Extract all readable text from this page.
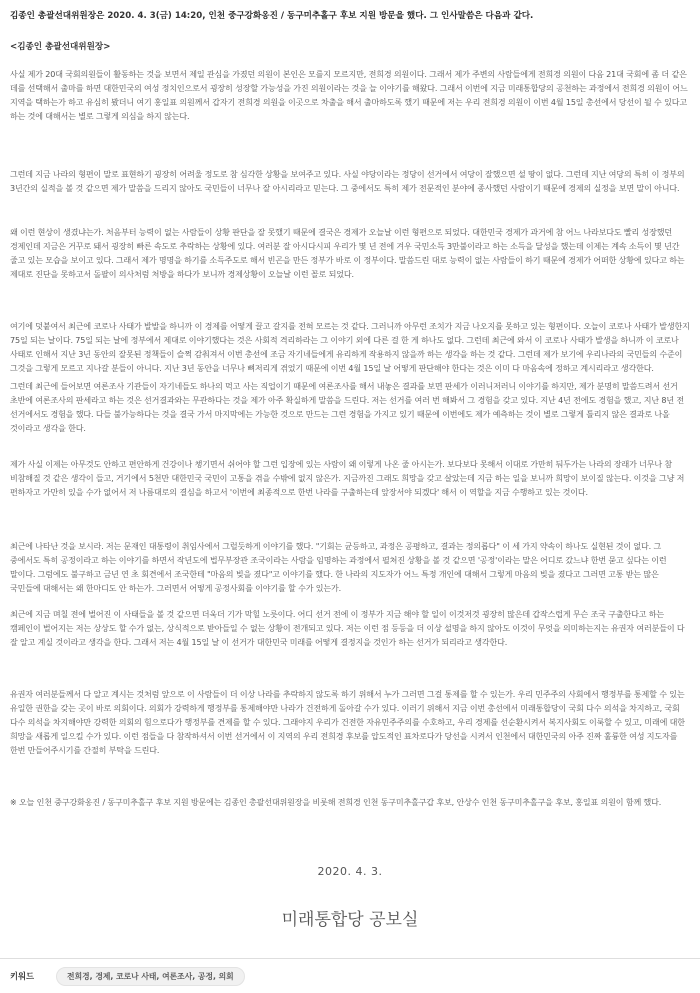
김종인 총괄선대위원장은 2020. 4. 3(금) 14:20, 인천 중구강화옹진 / 동구미추홀구 후보 지원 방문을 했다. 그 인사말씀은 다음과 같다.
<김종인 총괄선대위원장>

사실 제가 20대 국회의원들이 활동하는 것을 보면서 제일 관심을 가졌던 의원이 본인은 모를지 모르지만, 전희경 의원이다. 그래서 제가 주변의 사람들에게 전희경 의원이 다음 21대 국회에 좀 더 같은 데를 선택해서 출마를 하면 대한민국의 여성 정치인으로서 굉장히 성장할 가능성을 가진 의원이라는 것을 늘 이야기를 해왔다. 그래서 이번에 지금 미래통합당의 공천하는 과정에서 전희경 의원이 어느 지역을 택하는가 하고 유심히 봤더니 여기 홍일표 의원께서 갑자기 전희경 의원을 이곳으로 차출을 해서 출마하도록 했기 때문에 저는 우리 전희경 의원이 이번 4월 15일 총선에서 당선이 될 수 있다고 하는 것에 대해서는 별로 그렇게 의심을 하지 않는다.

그런데 지금 나라의 형편이 말로 표현하기 굉장히 어려울 정도로 참 심각한 상황을 보여주고 있다. 사실 야당이라는 정당이 선거에서 여당이 잘했으면 설 땅이 없다. 그런데 지난 여당의 특히 이 정부의 3년간의 실적을 볼 것 같으면 제가 말씀을 드리지 않아도 국민들이 너무나 잘 아시리라고 믿는다. 그 중에서도 특히 제가 전문적인 분야에 종사했던 사람이기 때문에 경제의 실정을 보면 말이 아니다.

왜 이런 현상이 생겼냐는가. 처음부터 능력이 없는 사람들이 상황 판단을 잘 못했기 때문에 결국은 경제가 오늘날 이런 형편으로 되었다. 대한민국 경제가 과거에 참 어느 나라보다도 빨리 성장했던 경제인데 지금은 거꾸로 돼서 굉장히 빠른 속도로 추락하는 상황에 있다. 여러분 잘 아시다시피 우리가 몇 년 전에 겨우 국민소득 3만불이라고 하는 소득을 달성을 했는데 이제는 계속 소득이 몇 년간 줄고 있는 모습을 보이고 있다. 그래서 제가 명명을 하기를 소득주도로 해서 빈곤을 만든 정부가 바로 이 정부이다. 말씀드린 대로 능력이 없는 사람들이 하기 때문에 경제가 어떠한 상황에 있다고 하는 제대로 진단을 못하고서 돌팔이 의사처럼 처방을 하다가 보니까 경제상황이 오늘날 이런 꼴로 되었다.

여기에 덧붙여서 최근에 코로나 사태가 발발을 하니까 이 경제를 어떻게 끌고 갈지를 전혀 모르는 것 같다. 그러니까 아무런 조치가 지금 나오지를 못하고 있는 형편이다. 오늘이 코로나 사태가 발생한지 75일 되는 날이다. 75일 되는 날에 정부에서 제대로 이야기했다는 것은 사회적 격리하라는 그 이야기 외에 다른 걸 한 게 하나도 없다. 그런데 최근에 와서 이 코로나 사태가 발생을 하니까 이 코로나 사태로 인해서 지난 3년 동안의 잘못된 정책들이 슬쩍 감춰져서 이번 총선에 조금 자기네들에게 유리하게 작용하지 않을까 하는 생각을 하는 것 같다. 그런데 제가 보기에 우리나라의 국민들의 수준이 그것을 그렇게 모르고 지나갈 분들이 아니다. 지난 3년 동안을 너무나 뼈저리게 겪었기 때문에 이번 4월 15일 날 어떻게 판단해야 한다는 것은 이미 다 마음속에 정하고 계시리라고 생각한다.

그런데 최근에 들어보면 여론조사 기관들이 자기네들도 하나의 먹고 사는 직업이기 때문에 여론조사를 해서 내놓은 결과를 보면 판세가 이러니저러니 이야기를 하지만, 제가 분명히 말씀드려서 선거 초반에 여론조사의 판세라고 하는 것은 선거결과와는 무관하다는 것을 제가 아주 확실하게 말씀을 드린다. 저는 선거를 여러 번 해봐서 그 경험을 갖고 있다. 지난 4년 전에도 경험을 했고, 지난 8년 전 선거에서도 경험을 했다. 다들 불가능하다는 것을 결국 가서 마지막에는 가능한 것으로 만드는 그런 경험을 가지고 있기 때문에 이번에도 제가 예측하는 것이 별로 그렇게 틀리지 않은 결과로 나올 것이라고 생각을 한다.

제가 사실 이제는 아무것도 안하고 편안하게 건강이나 챙기면서 쉬어야 할 그런 입장에 있는 사람이 왜 이렇게 나온 줄 아시는가. 보다보다 못해서 이대로 가만히 둬두가는 나라의 장래가 너무나 참 비참해질 것 같은 생각이 들고, 거기에서 5천만 대한민국 국민이 고통을 겪을 수밖에 없지 않은가. 지금까진 그래도 희망을 갖고 살았는데 지금 하는 일을 보니까 희망이 보이질 않는다. 이것을 그냥 저 편하자고 가만히 있을 수가 없어서 저 나름대로의 결심을 하고서 '이번에 최종적으로 한번 나라를 구출하는데 앞장서야 되겠다' 해서 이 역할을 지금 수행하고 있는 것이다.

최근에 나타난 것을 보시라. 저는 문재인 대통령이 취임사에서 그럴듯하게 이야기를 했다. "기회는 균등하고, 과정은 공평하고, 결과는 정의롭다" 이 세 가지 약속이 하나도 실현된 것이 없다. 그 중에서도 특히 공정이라고 하는 이야기를 하면서 작년도에 법무부장관 조국이라는 사람을 임명하는 과정에서 펼쳐진 상황을 볼 것 같으면 '공정'이라는 말은 어디로 갔느냐 한번 묻고 싶다는 이런 말이다. 그럼에도 불구하고 금년 연 초 회견에서 조국한테 "마음의 빚을 졌다"고 이야기를 했다. 한 나라의 지도자가 어느 특정 개인에 대해서 그렇게 마음의 빚을 졌다고 그러면 고통 받는 많은 국민들에 대해서는 왜 한마디도 안 하는가. 그러면서 어떻게 공정사회를 이야기를 할 수가 있는가.

최근에 지금 며칠 전에 벌어진 이 사태들을 볼 것 같으면 더욱더 기가 막힐 노릇이다. 어디 선거 전에 이 정부가 지금 해야 할 일이 이것저것 굉장히 많은데 갑작스럽게 무슨 조국 구출한다고 하는 캠페인이 벌어지는 저는 상상도 할 수가 없는, 상식적으로 받아들일 수 없는 상황이 전개되고 있다. 저는 이런 점 등등을 더 이상 설명을 하지 않아도 이것이 무엇을 의미하는지는 유권자 여러분들이 다 잘 알고 계실 것이라고 생각을 한다. 그래서 저는 4월 15일 날 이 선거가 대한민국 미래를 어떻게 결정지을 것인가 하는 선거가 되리라고 생각한다.

유권자 여러분들께서 다 알고 계시는 것처럼 앞으로 이 사람들이 더 이상 나라를 추락하지 않도록 하기 위해서 누가 그러면 그걸 통제를 할 수 있는가. 우리 민주주의 사회에서 행정부를 통제할 수 있는 유일한 권한을 갖는 곳이 바로 의회이다. 의회가 강력하게 행정부를 통제해야만 나라가 건전하게 돌아갈 수가 있다. 이러기 위해서 지금 이번 총선에서 미래통합당이 국회 다수 의석을 차지하고, 국회 다수 의석을 차지해야만 강력한 의회의 힘으로다가 행정부를 견제를 할 수 있다. 그래야지 우리가 건전한 자유민주주의를 수호하고, 우리 경제를 선순환시켜서 복지사회도 이룩할 수 있고, 미래에 대한 희망을 새롭게 일으킬 수가 있다. 이런 점들을 다 참작하셔서 이번 선거에서 이 지역의 우리 전희경 후보를 압도적인 표차로다가 당선을 시켜서 인천에서 대한민국의 아주 진짜 훌륭한 여성 지도자를 한번 만들어주시기를 간절히 부탁을 드린다.

※ 오늘 인천 중구강화옹진 / 동구미추홀구 후보 지원 방문에는 김종인 총괄선대위원장을 비롯해 전희경 인천 동구미추홀구갑 후보, 안상수 인천 동구미추홀구을 후보, 홍일표 의원이 함께 했다.

2020. 4. 3.
미래통합당 공보실
키워드	전희경, 경제, 코로나 사태, 여론조사, 공정, 의회
